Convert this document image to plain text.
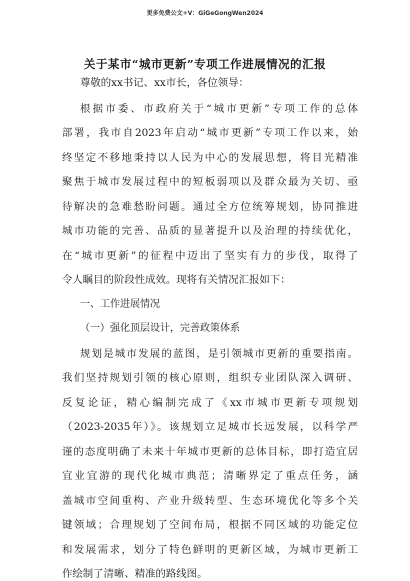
更多免费公文+V：GiGeGongWen2024
关于某市“城市更新”专项工作进展情况的汇报
尊敬的xx书记、xx市长，各位领导：
根据市委、市政府关于“城市更新”专项工作的总体
部署，我市自2023年启动“城市更新”专项工作以来，始
终坚定不移地秉持以人民为中心的发展思想，将目光精准
聚焦于城市发展过程中的短板弱项以及群众最为关切、亟
待解决的急难愁盼问题。通过全方位统筹规划，协同推进
城市功能的完善、品质的显著提升以及治理的持续优化，
在“城市更新”的征程中迈出了坚实有力的步伐，取得了
令人瞩目的阶段性成效。现将有关情况汇报如下：
一、工作进展情况
（一）强化顶层设计，完善政策体系
规划是城市发展的蓝图，是引领城市更新的重要指南。
我们坚持规划引领的核心原则，组织专业团队深入调研、
反复论证，精心编制完成了《xx市城市更新专项规划
（2023-2035年）》。该规划立足城市长远发展，以科学严
谨的态度明确了未来十年城市更新的总体目标，即打造宜居
宜业宜游的现代化城市典范；清晰界定了重点任务，涵
盖城市空间重构、产业升级转型、生态环境优化等多个关
键领域；合理规划了空间布局，根据不同区域的功能定位
和发展需求，划分了特色鲜明的更新区域，为城市更新工
作绘制了清晰、精准的路线图。
